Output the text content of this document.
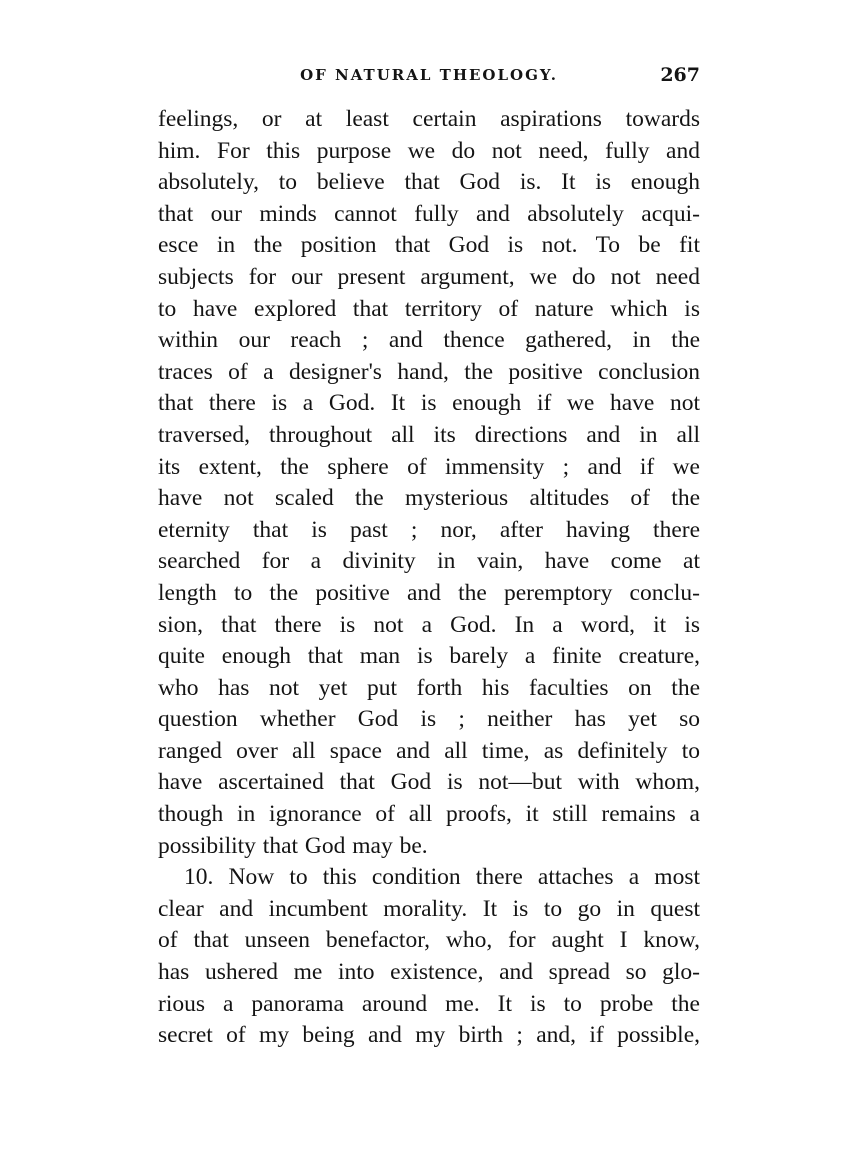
OF NATURAL THEOLOGY.	267
feelings, or at least certain aspirations towards
him. For this purpose we do not need, fully and
absolutely, to believe that God is. It is enough
that our minds cannot fully and absolutely acqui-
esce in the position that God is not. To be fit
subjects for our present argument, we do not need
to have explored that territory of nature which is
within our reach ; and thence gathered, in the
traces of a designer's hand, the positive conclusion
that there is a God. It is enough if we have not
traversed, throughout all its directions and in all
its extent, the sphere of immensity ; and if we
have not scaled the mysterious altitudes of the
eternity that is past ; nor, after having there
searched for a divinity in vain, have come at
length to the positive and the peremptory conclu-
sion, that there is not a God. In a word, it is
quite enough that man is barely a finite creature,
who has not yet put forth his faculties on the
question whether God is ; neither has yet so
ranged over all space and all time, as definitely to
have ascertained that God is not—but with whom,
though in ignorance of all proofs, it still remains a
possibility that God may be.
10. Now to this condition there attaches a most
clear and incumbent morality. It is to go in quest
of that unseen benefactor, who, for aught I know,
has ushered me into existence, and spread so glo-
rious a panorama around me. It is to probe the
secret of my being and my birth ; and, if possible,
